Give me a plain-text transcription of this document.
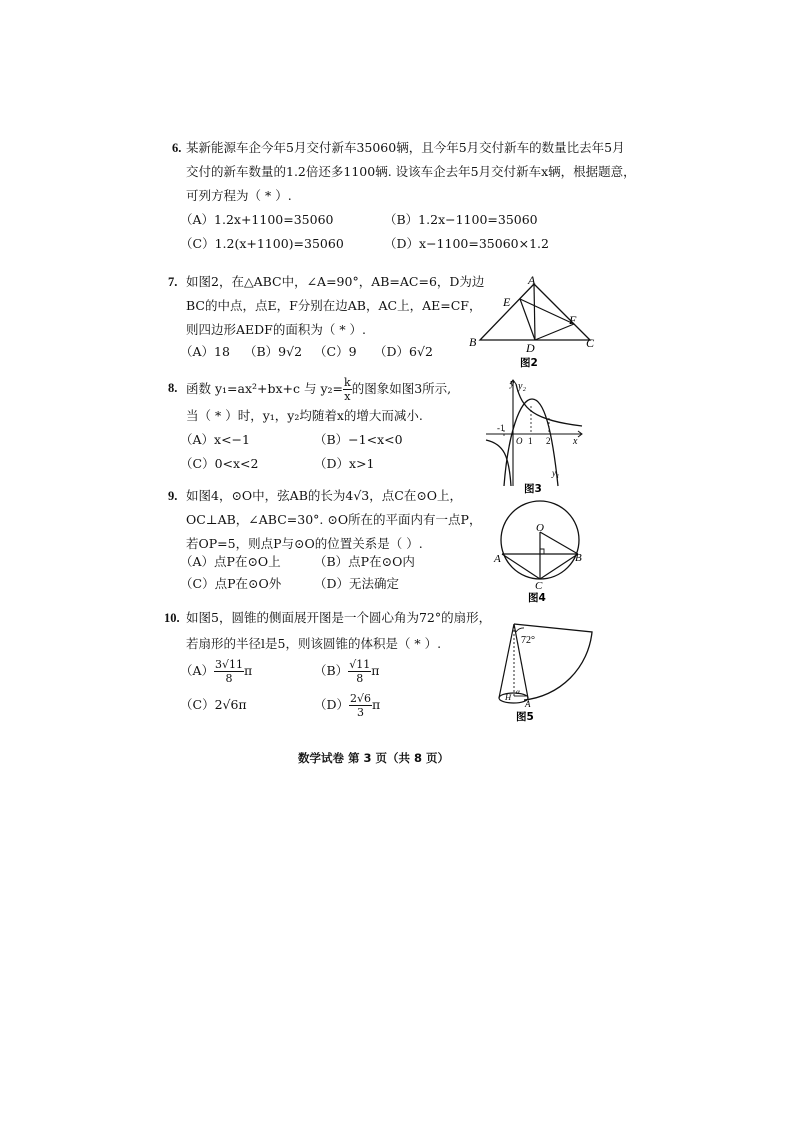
6. 某新能源车企今年5月交付新车35060辆，且今年5月交付新车的数量比去年5月
交付的新车数量的1.2倍还多1100辆. 设该车企去年5月交付新车x辆，根据题意，
可列方程为（ * ）.
（A）1.2x+1100=35060	（B）1.2x−1100=35060
（C）1.2(x+1100)=35060	（D）x−1100=35060×1.2
7. 如图2，在△ABC中，∠A=90°，AB=AC=6，D为边
BC的中点，点E，F分别在边AB，AC上，AE=CF，
则四边形AEDF的面积为（ * ）.
（A）18 （B）9√2 （C）9 （D）6√2
A
E
F
B	C
D
图2
8. 函数 y₁=ax²+bx+c 与 $y_2= \frac{k}{x}$ 的图象如图3所示,
当（ * ）时，y₁，y₂均随着x的增大而减小.
（A）x<−1	（B）−1<x<0
（C）0<x<2	（D）x>1
y y₂
-1
O 1 2 x
y₁
图3
9. 如图4，⊙O中，弦AB的长为4√3，点C在⊙O上，
OC⊥AB，∠ABC=30°. ⊙O所在的平面内有一点P，
若OP=5，则点P与⊙O的位置关系是（ ）.
（A）点P在⊙O上	（B）点P在⊙O内
（C）点P在⊙O外	（D）无法确定
O
A	B
C
图4
10. 如图5，圆锥的侧面展开图是一个圆心角为72°的扇形，
若扇形的半径l是5，则该圆锥的体积是（ * ）.
$(A) \frac{3√11}{8}$ π	$(B) \frac{√11}{8}$ π
（C）2√6π	$(D) \frac{2√6}{3}$ π
72°
H
α
A
图5
数学试卷 第 3 页（共 8 页）
